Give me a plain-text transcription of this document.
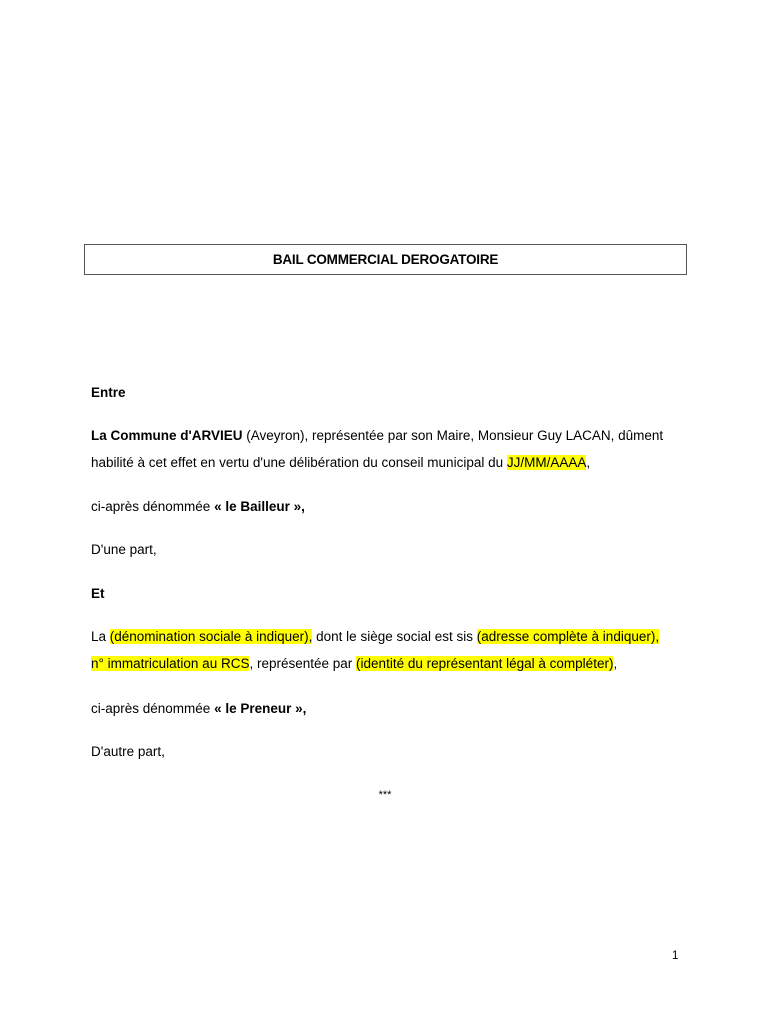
BAIL COMMERCIAL DEROGATOIRE
Entre
La Commune d'ARVIEU (Aveyron), représentée par son Maire, Monsieur Guy LACAN, dûment
habilité à cet effet en vertu d'une délibération du conseil municipal du JJ/MM/AAAA,
ci-après dénommée « le Bailleur »,
D'une part,
Et
La (dénomination sociale à indiquer), dont le siège social est sis (adresse complète à indiquer),
n° immatriculation au RCS, représentée par (identité du représentant légal à compléter),
ci-après dénommée « le Preneur »,
D'autre part,
***
1
